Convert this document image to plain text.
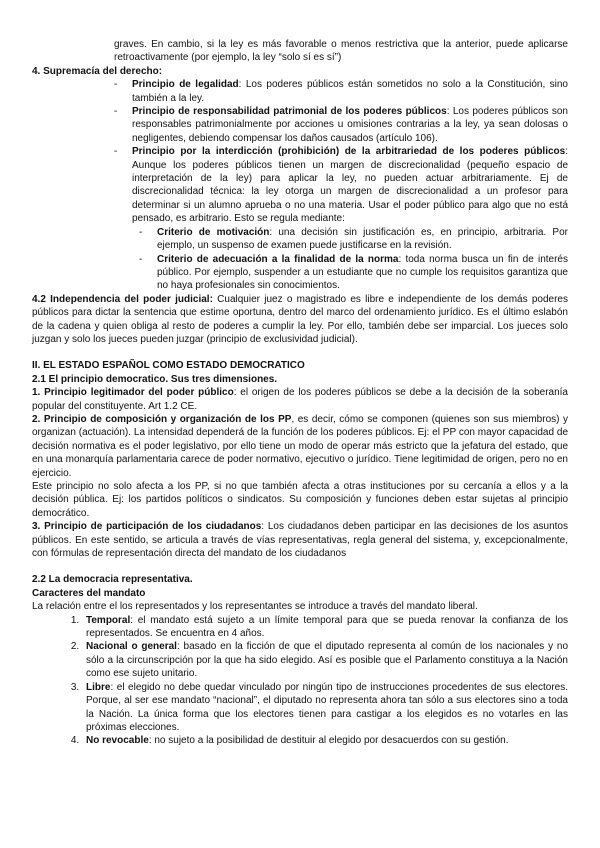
graves. En cambio, si la ley es más favorable o menos restrictiva que la anterior, puede aplicarse retroactivamente (por ejemplo, la ley “solo sí es sí”)

4. Supremacía del derecho:

- Principio de legalidad: Los poderes públicos están sometidos no solo a la Constitución, sino también a la ley.
- Principio de responsabilidad patrimonial de los poderes públicos: Los poderes públicos son responsables patrimonialmente por acciones u omisiones contrarias a la ley, ya sean dolosas o negligentes, debiendo compensar los daños causados (artículo 106).
- Principio por la interdicción (prohibición) de la arbitrariedad de los poderes públicos: Aunque los poderes públicos tienen un margen de discrecionalidad (pequeño espacio de interpretación de la ley) para aplicar la ley, no pueden actuar arbitrariamente. Ej de discrecionalidad técnica: la ley otorga un margen de discrecionalidad a un profesor para determinar si un alumno aprueba o no una materia. Usar el poder público para algo que no está pensado, es arbitrario. Esto se regula mediante:
- Criterio de motivación: una decisión sin justificación es, en principio, arbitraria. Por ejemplo, un suspenso de examen puede justificarse en la revisión.
- Criterio de adecuación a la finalidad de la norma: toda norma busca un fin de interés público. Por ejemplo, suspender a un estudiante que no cumple los requisitos garantiza que no haya profesionales sin conocimientos.

4.2 Independencia del poder judicial: Cualquier juez o magistrado es libre e independiente de los demás poderes públicos para dictar la sentencia que estime oportuna, dentro del marco del ordenamiento jurídico. Es el último eslabón de la cadena y quien obliga al resto de poderes a cumplir la ley. Por ello, también debe ser imparcial. Los jueces solo juzgan y solo los jueces pueden juzgar (principio de exclusividad judicial).

II. EL ESTADO ESPAÑOL COMO ESTADO DEMOCRATICO

2.1 El principio democratico. Sus tres dimensiones.

1. Principio legitimador del poder público: el origen de los poderes públicos se debe a la decisión de la soberanía popular del constituyente. Art 1.2 CE.

2. Principio de composición y organización de los PP, es decir, cómo se componen (quienes son sus miembros) y organizan (actuación). La intensidad dependerá de la función de los poderes públicos. Ej: el PP con mayor capacidad de decisión normativa es el poder legislativo, por ello tiene un modo de operar más estricto que la jefatura del estado, que en una monarquía parlamentaria carece de poder normativo, ejecutivo o jurídico. Tiene legitimidad de origen, pero no en ejercicio.

Este principio no solo afecta a los PP, si no que también afecta a otras instituciones por su cercanía a ellos y a la decisión pública. Ej: los partidos políticos o sindicatos. Su composición y funciones deben estar sujetas al principio democrático.

3. Principio de participación de los ciudadanos: Los ciudadanos deben participar en las decisiones de los asuntos públicos. En este sentido, se articula a través de vías representativas, regla general del sistema, y, excepcionalmente, con fórmulas de representación directa del mandato de los ciudadanos

2.2 La democracia representativa.

Caracteres del mandato

La relación entre el los representados y los representantes se introduce a través del mandato liberal.

1. Temporal: el mandato está sujeto a un límite temporal para que se pueda renovar la confianza de los representados. Se encuentra en 4 años.
2. Nacional o general: basado en la ficción de que el diputado representa al común de los nacionales y no sólo a la circunscripción por la que ha sido elegido. Así es posible que el Parlamento constituya a la Nación como ese sujeto unitario.
3. Libre: el elegido no debe quedar vinculado por ningún tipo de instrucciones procedentes de sus electores. Porque, al ser ese mandato “nacional”, el diputado no representa ahora tan sólo a sus electores sino a toda la Nación. La única forma que los electores tienen para castigar a los elegidos es no votarles en las próximas elecciones.
4. No revocable: no sujeto a la posibilidad de destituir al elegido por desacuerdos con su gestión.
